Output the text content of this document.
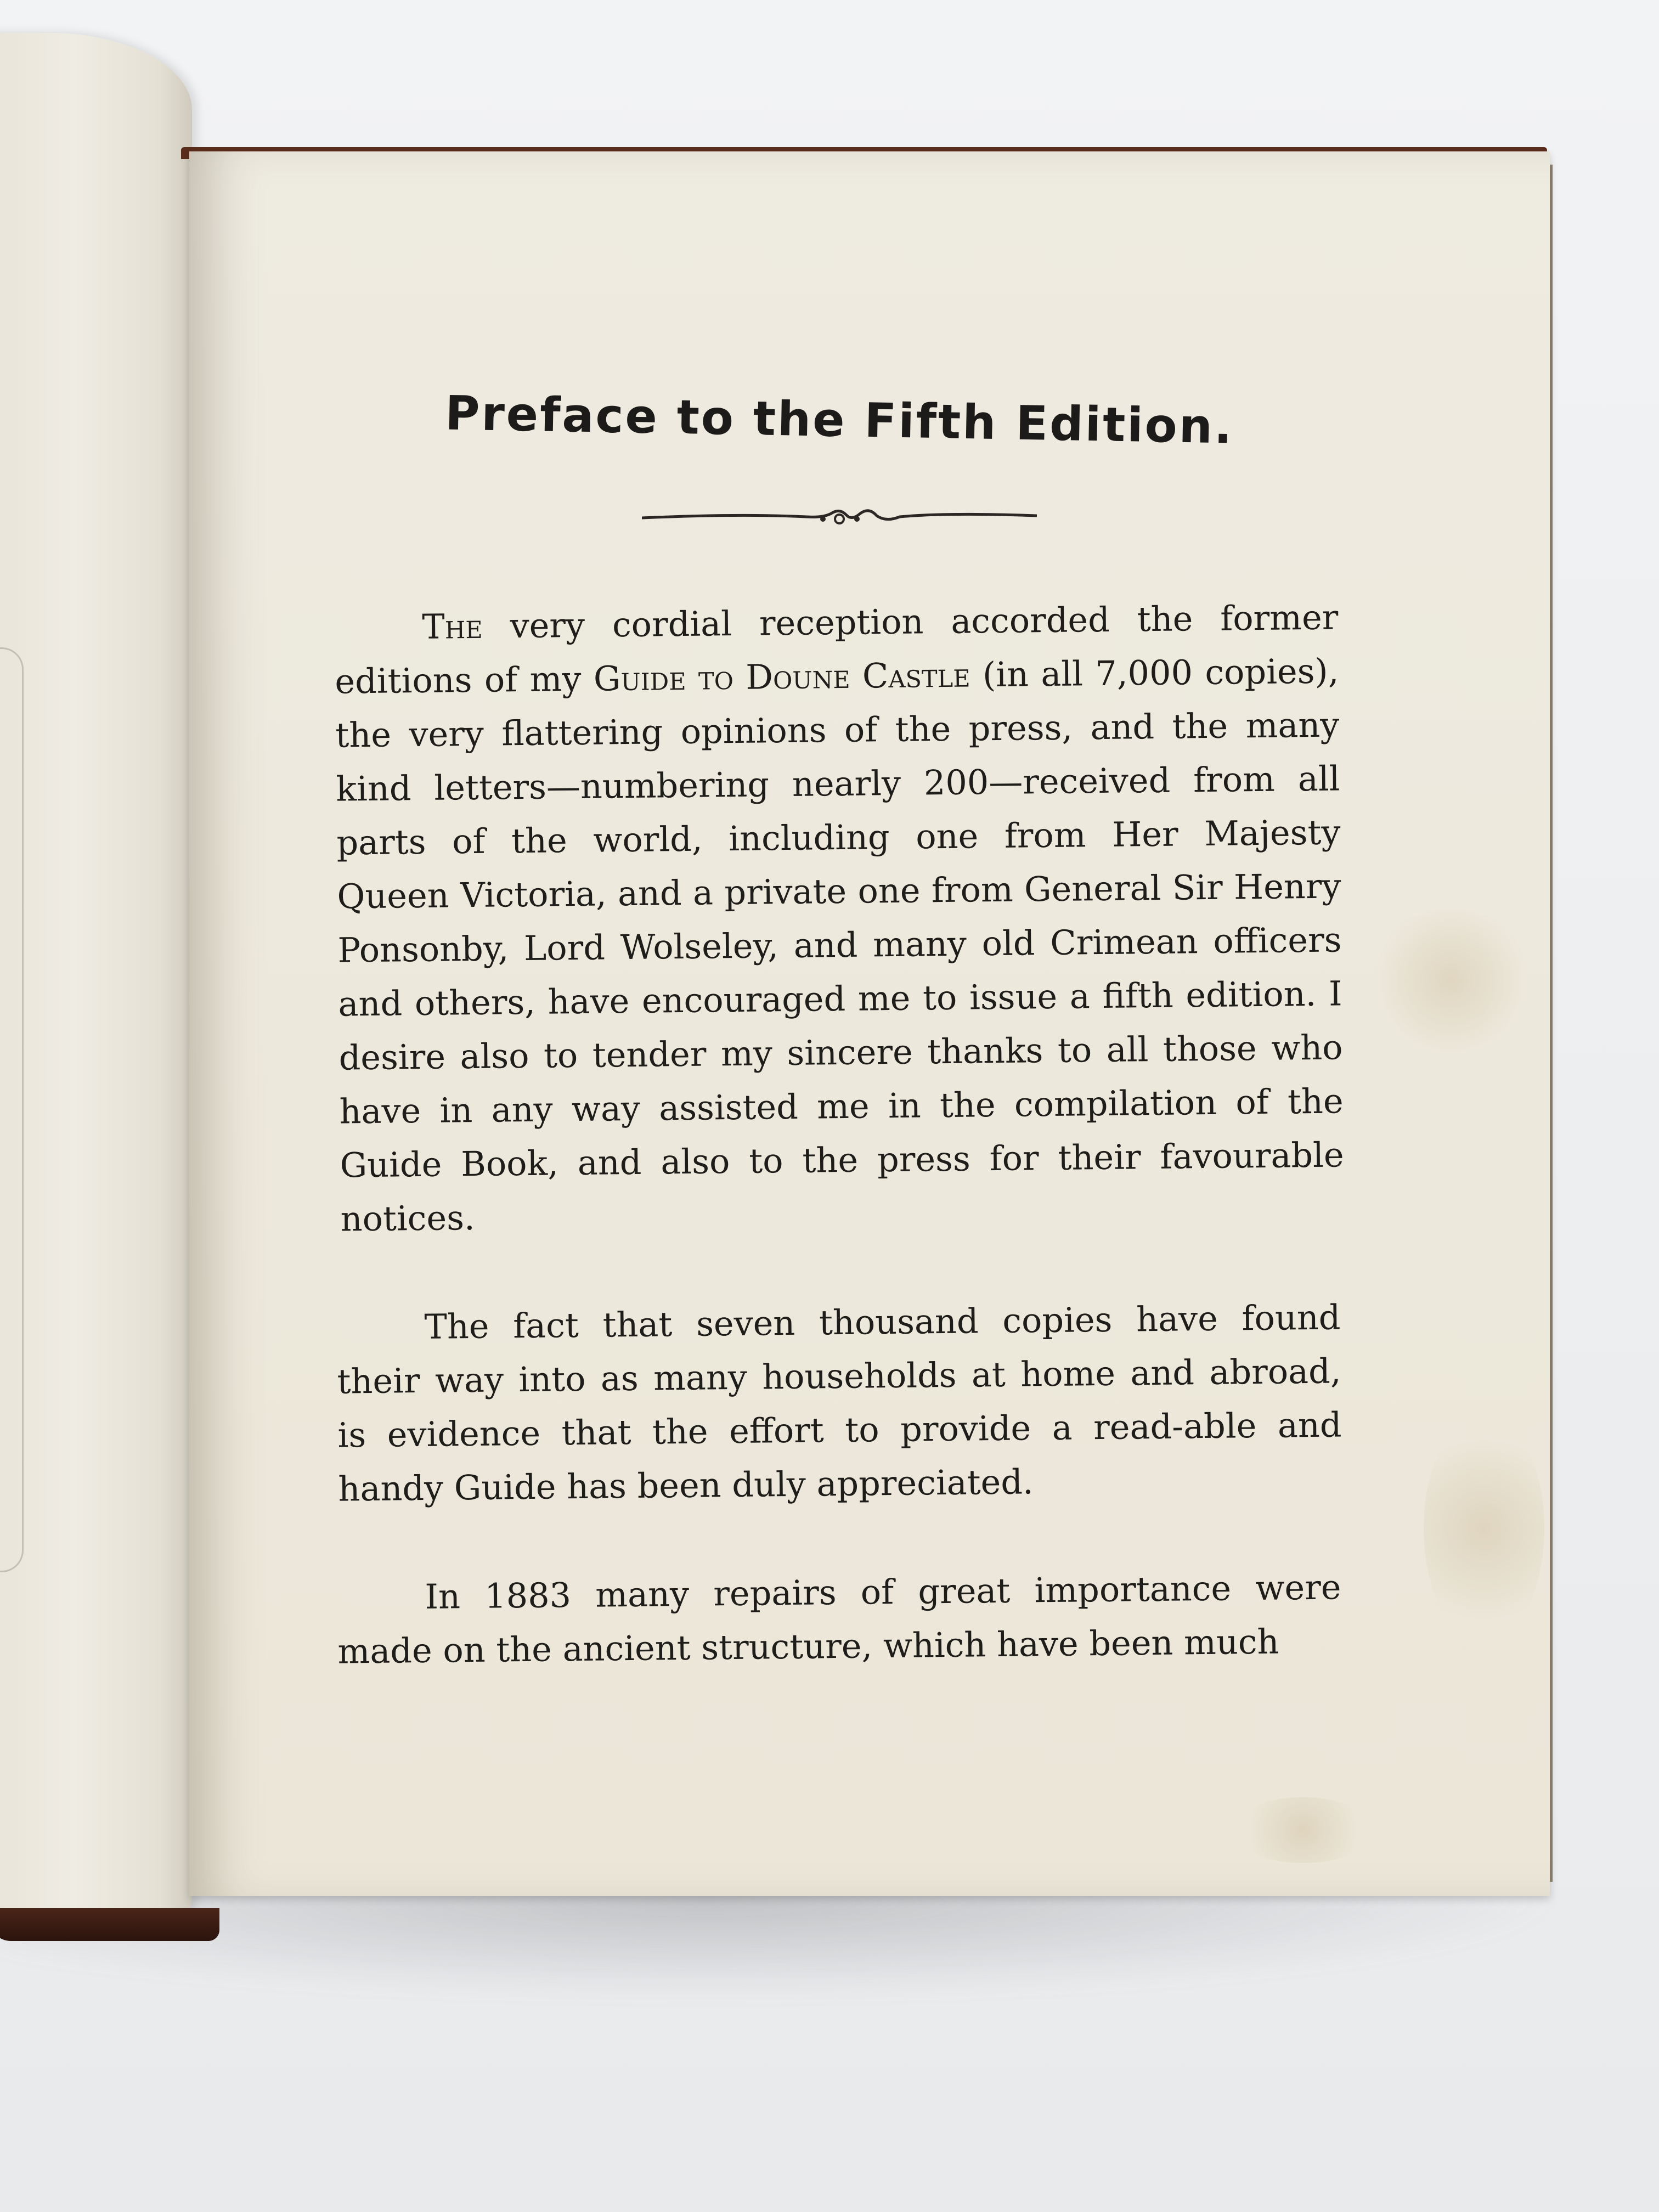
Preface to the Fifth Edition.

The very cordial reception accorded the former editions of my Guide to Doune Castle (in all 7,000 copies), the very flattering opinions of the press, and the many kind letters—numbering nearly 200—received from all parts of the world, including one from Her Majesty Queen Victoria, and a private one from General Sir Henry Ponsonby, Lord Wolseley, and many old Crimean officers and others, have encouraged me to issue a fifth edition. I desire also to tender my sincere thanks to all those who have in any way assisted me in the compilation of the Guide Book, and also to the press for their favourable notices.

The fact that seven thousand copies have found their way into as many households at home and abroad, is evidence that the effort to provide a read-able and handy Guide has been duly appreciated.

In 1883 many repairs of great importance were made on the ancient structure, which have been much
